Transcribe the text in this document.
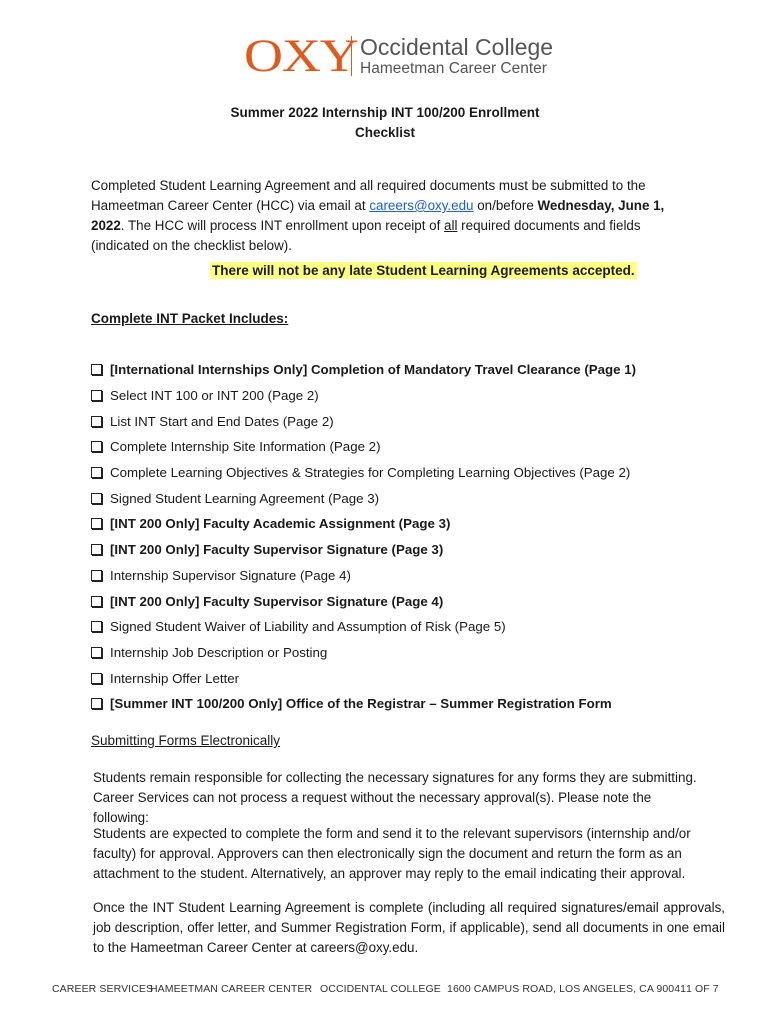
OXY Occidental College
Hameetman Career Center
Summer 2022 Internship INT 100/200 Enrollment
Checklist
Completed Student Learning Agreement and all required documents must be submitted to the Hameetman Career Center (HCC) via email at careers@oxy.edu on/before Wednesday, June 1, 2022. The HCC will process INT enrollment upon receipt of all required documents and fields (indicated on the checklist below).
There will not be any late Student Learning Agreements accepted.
Complete INT Packet Includes:
[International Internships Only] Completion of Mandatory Travel Clearance (Page 1)
Select INT 100 or INT 200 (Page 2)
List INT Start and End Dates (Page 2)
Complete Internship Site Information (Page 2)
Complete Learning Objectives & Strategies for Completing Learning Objectives (Page 2)
Signed Student Learning Agreement (Page 3)
[INT 200 Only] Faculty Academic Assignment (Page 3)
[INT 200 Only] Faculty Supervisor Signature (Page 3)
Internship Supervisor Signature (Page 4)
[INT 200 Only] Faculty Supervisor Signature (Page 4)
Signed Student Waiver of Liability and Assumption of Risk (Page 5)
Internship Job Description or Posting
Internship Offer Letter
[Summer INT 100/200 Only] Office of the Registrar – Summer Registration Form
Submitting Forms Electronically
Students remain responsible for collecting the necessary signatures for any forms they are submitting. Career Services can not process a request without the necessary approval(s). Please note the following:
Students are expected to complete the form and send it to the relevant supervisors (internship and/or faculty) for approval. Approvers can then electronically sign the document and return the form as an attachment to the student. Alternatively, an approver may reply to the email indicating their approval.
Once the INT Student Learning Agreement is complete (including all required signatures/email approvals, job description, offer letter, and Summer Registration Form, if applicable), send all documents in one email to the Hameetman Career Center at careers@oxy.edu.
CAREER SERVICES
HAMEETMAN CAREER CENTER OCCIDENTAL COLLEGE 1600 CAMPUS ROAD, LOS ANGELES, CA 90041 1 OF 7
